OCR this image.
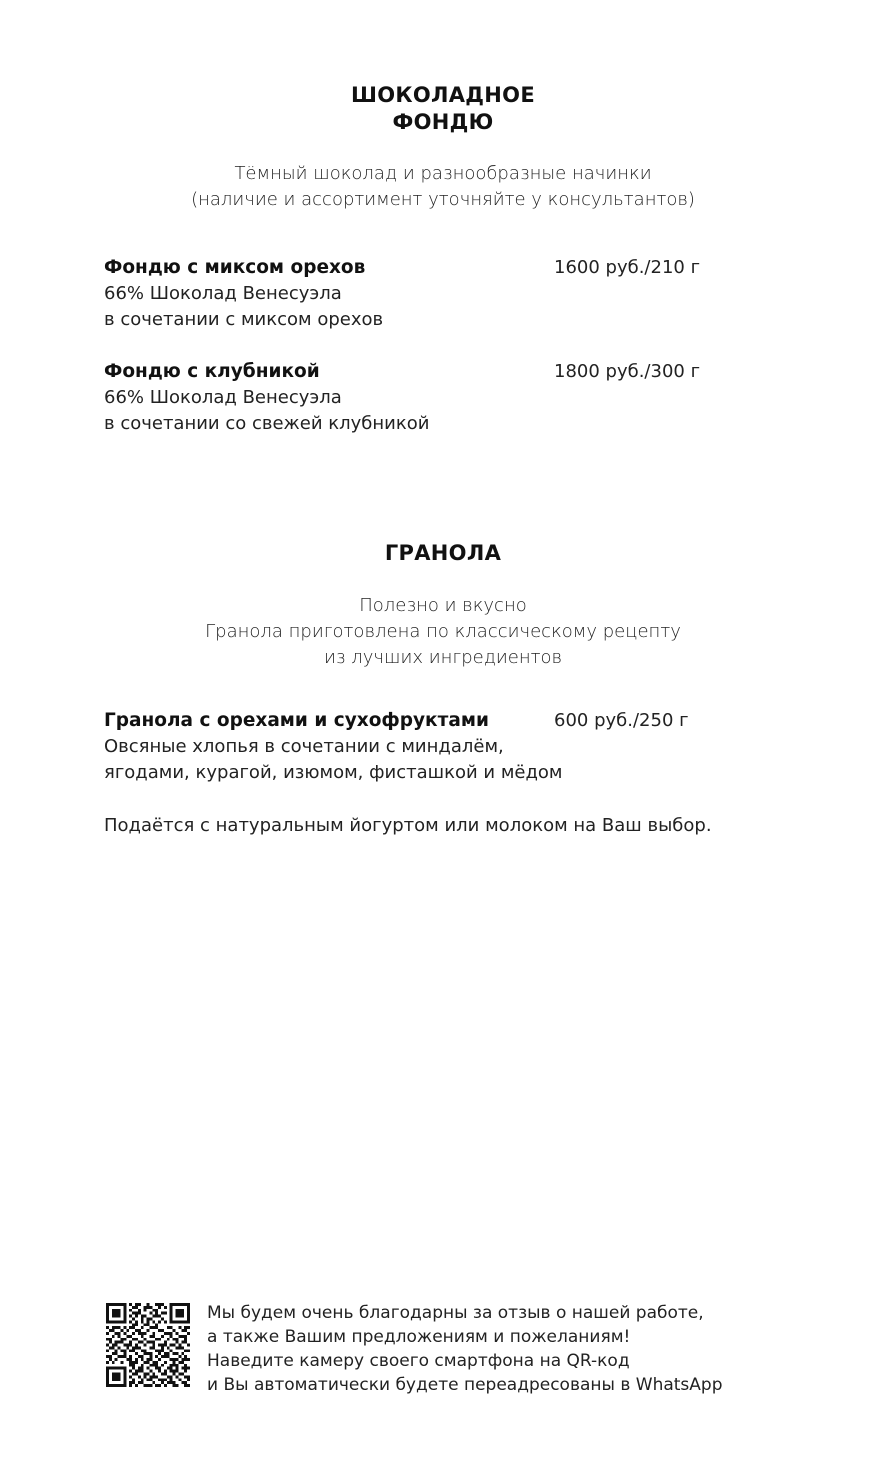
ШОКОЛАДНОЕ
ФОНДЮ
Тёмный шоколад и разнообразные начинки
(наличие и ассортимент уточняйте у консультантов)
Фондю с миксом орехов	1600 руб./210 г
66% Шоколад Венесуэла
в сочетании с миксом орехов
Фондю с клубникой	1800 руб./300 г
66% Шоколад Венесуэла
в сочетании со свежей клубникой
ГРАНОЛА
Полезно и вкусно
Гранола приготовлена по классическому рецепту
из лучших ингредиентов
Гранола с орехами и сухофруктами	600 руб./250 г
Овсяные хлопья в сочетании с миндалём,
ягодами, курагой, изюмом, фисташкой и мёдом
Подаётся с натуральным йогуртом или молоком на Ваш выбор.
Мы будем очень благодарны за отзыв о нашей работе,
а также Вашим предложениям и пожеланиям!
Наведите камеру своего смартфона на QR-код
и Вы автоматически будете переадресованы в WhatsApp
